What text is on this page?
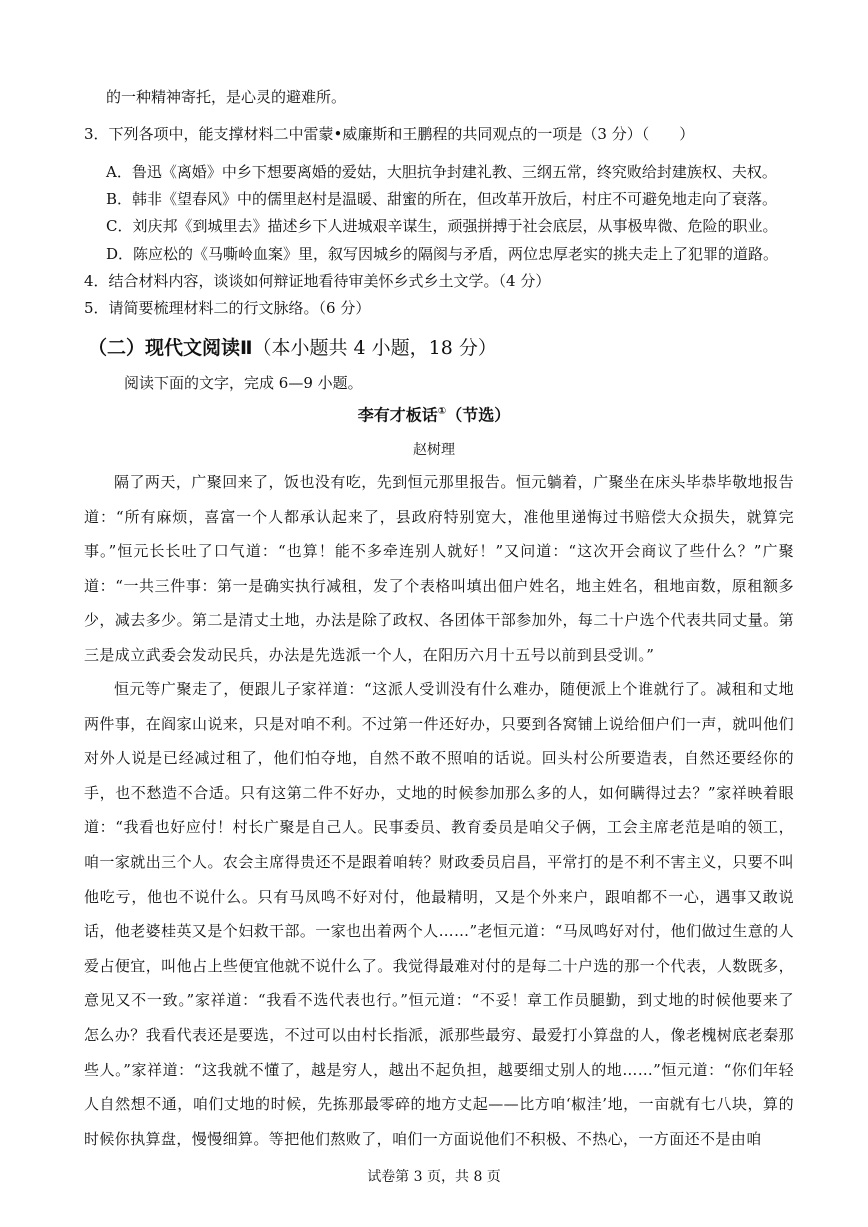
的一种精神寄托，是心灵的避难所。
3．下列各项中，能支撑材料二中雷蒙•威廉斯和王鹏程的共同观点的一项是（3 分）（　　）
A．鲁迅《离婚》中乡下想要离婚的爱姑，大胆抗争封建礼教、三纲五常，终究败给封建族权、夫权。
B．韩非《望春风》中的儒里赵村是温暖、甜蜜的所在，但改革开放后，村庄不可避免地走向了衰落。
C．刘庆邦《到城里去》描述乡下人进城艰辛谋生，顽强拼搏于社会底层，从事极卑微、危险的职业。
D．陈应松的《马嘶岭血案》里，叙写因城乡的隔阂与矛盾，两位忠厚老实的挑夫走上了犯罪的道路。
4．结合材料内容，谈谈如何辩证地看待审美怀乡式乡土文学。（4 分）
5．请简要梳理材料二的行文脉络。（6 分）
（二）现代文阅读Ⅱ（本小题共 4 小题，18 分）
阅读下面的文字，完成 6—9 小题。
李有才板话①（节选）
赵树理
隔了两天，广聚回来了，饭也没有吃，先到恒元那里报告。恒元躺着，广聚坐在床头毕恭毕敬地报告道：“所有麻烦，喜富一个人都承认起来了，县政府特别宽大，准他里递悔过书赔偿大众损失，就算完事。”恒元长长吐了口气道：“也算！能不多牵连别人就好！”又问道：“这次开会商议了些什么？”广聚道：“一共三件事：第一是确实执行减租，发了个表格叫填出佃户姓名，地主姓名，租地亩数，原租额多少，减去多少。第二是清丈土地，办法是除了政权、各团体干部参加外，每二十户选个代表共同丈量。第三是成立武委会发动民兵，办法是先选派一个人，在阳历六月十五号以前到县受训。”
恒元等广聚走了，便跟儿子家祥道：“这派人受训没有什么难办，随便派上个谁就行了。减租和丈地两件事，在阎家山说来，只是对咱不利。不过第一件还好办，只要到各窝铺上说给佃户们一声，就叫他们对外人说是已经减过租了，他们怕夺地，自然不敢不照咱的话说。回头村公所要造表，自然还要经你的手，也不愁造不合适。只有这第二件不好办，丈地的时候参加那么多的人，如何瞒得过去？”家祥映着眼道：“我看也好应付！村长广聚是自己人。民事委员、教育委员是咱父子俩，工会主席老范是咱的领工，咱一家就出三个人。农会主席得贵还不是跟着咱转？财政委员启昌，平常打的是不利不害主义，只要不叫他吃亏，他也不说什么。只有马凤鸣不好对付，他最精明，又是个外来户，跟咱都不一心，遇事又敢说话，他老婆桂英又是个妇救干部。一家也出着两个人……”老恒元道：“马凤鸣好对付，他们做过生意的人爱占便宜，叫他占上些便宜他就不说什么了。我觉得最难对付的是每二十户选的那一个代表，人数既多，意见又不一致。”家祥道：“我看不选代表也行。”恒元道：“不妥！章工作员腿勤，到丈地的时候他要来了怎么办？我看代表还是要选，不过可以由村长指派，派那些最穷、最爱打小算盘的人，像老槐树底老秦那些人。”家祥道：“这我就不懂了，越是穷人，越出不起负担，越要细丈别人的地……”恒元道：“你们年轻人自然想不通，咱们丈地的时候，先拣那最零碎的地方丈起——比方咱‘椒洼’地，一亩就有七八块，算的时候你执算盘，慢慢细算。等把他们熬败了，咱们一方面说他们不积极、不热心，一方面还不是由咱
试卷第 3 页，共 8 页
